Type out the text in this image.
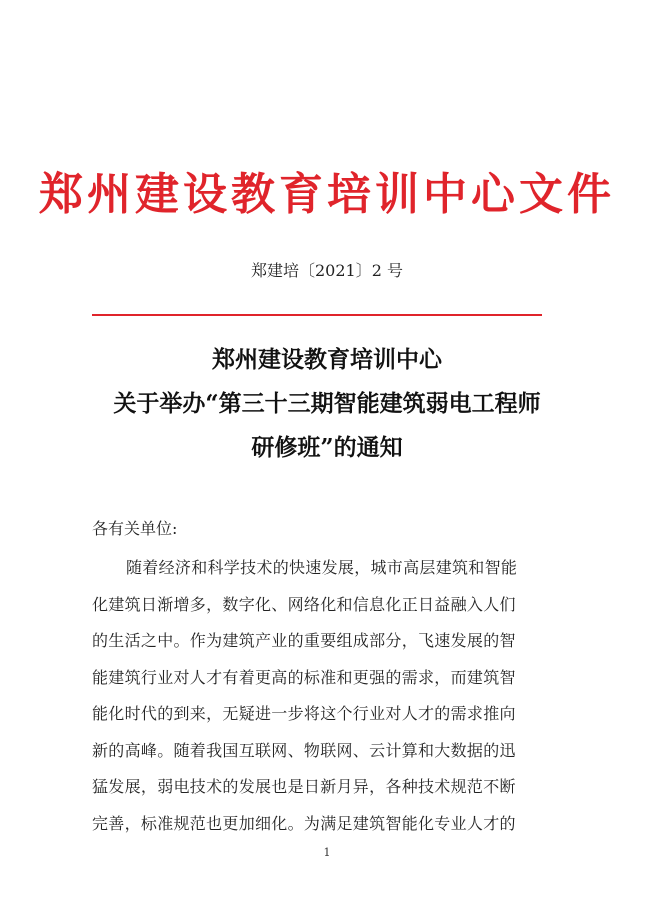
郑州建设教育培训中心文件
郑建培〔2021〕2 号
郑州建设教育培训中心
关于举办“第三十三期智能建筑弱电工程师
研修班”的通知
各有关单位:
随着经济和科学技术的快速发展，城市高层建筑和智能
化建筑日渐增多，数字化、网络化和信息化正日益融入人们
的生活之中。作为建筑产业的重要组成部分，飞速发展的智
能建筑行业对人才有着更高的标准和更强的需求，而建筑智
能化时代的到来，无疑进一步将这个行业对人才的需求推向
新的高峰。随着我国互联网、物联网、云计算和大数据的迅
猛发展，弱电技术的发展也是日新月异，各种技术规范不断
完善，标准规范也更加细化。为满足建筑智能化专业人才的
1
